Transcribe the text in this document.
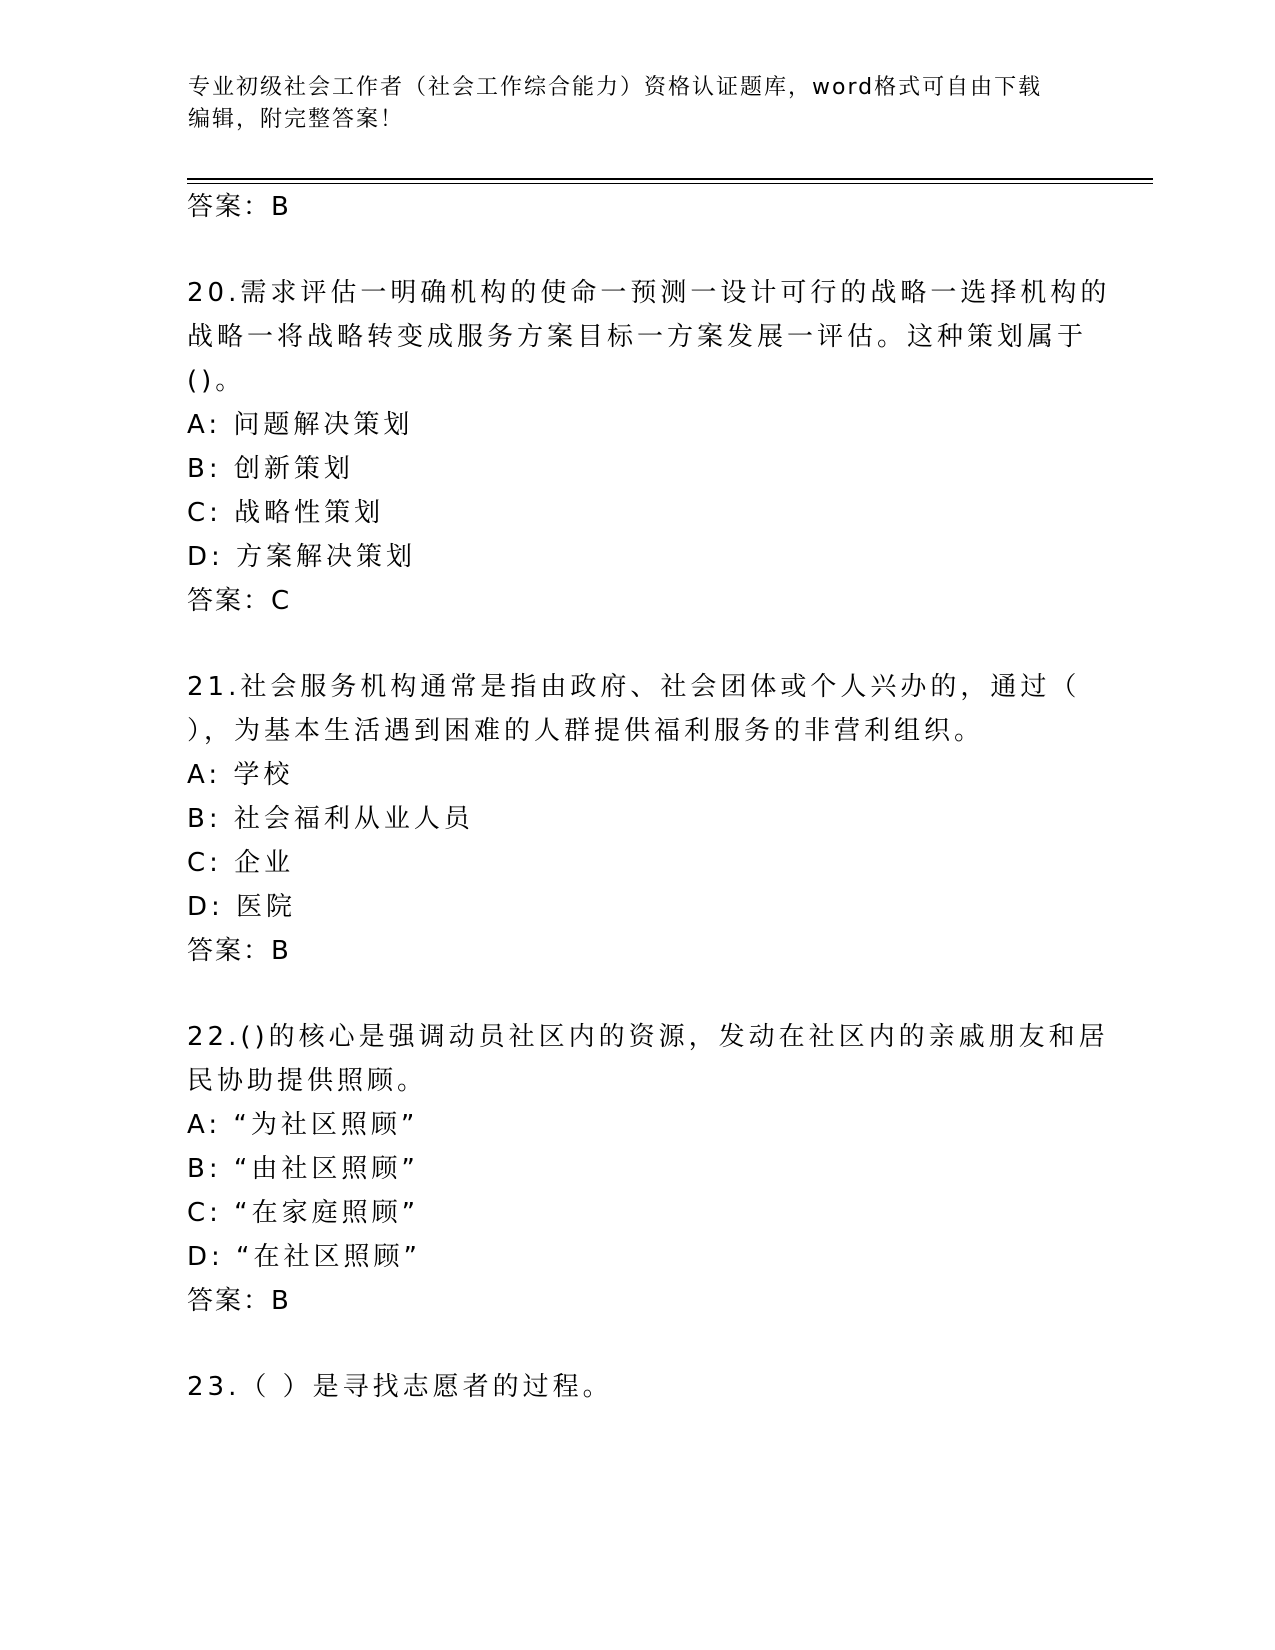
专业初级社会工作者（社会工作综合能力）资格认证题库，word格式可自由下载
编辑，附完整答案！
答案：B
20.需求评估一明确机构的使命一预测一设计可行的战略一选择机构的
战略一将战略转变成服务方案目标一方案发展一评估。这种策划属于
()。
A: 问题解决策划
B: 创新策划
C: 战略性策划
D: 方案解决策划
答案：C
21.社会服务机构通常是指由政府、社会团体或个人兴办的，通过（
），为基本生活遇到困难的人群提供福利服务的非营利组织。
A: 学校
B: 社会福利从业人员
C: 企业
D: 医院
答案：B
22.()的核心是强调动员社区内的资源，发动在社区内的亲戚朋友和居
民协助提供照顾。
A: “为社区照顾”
B: “由社区照顾”
C: “在家庭照顾”
D: “在社区照顾”
答案：B
23.（ ）是寻找志愿者的过程。
